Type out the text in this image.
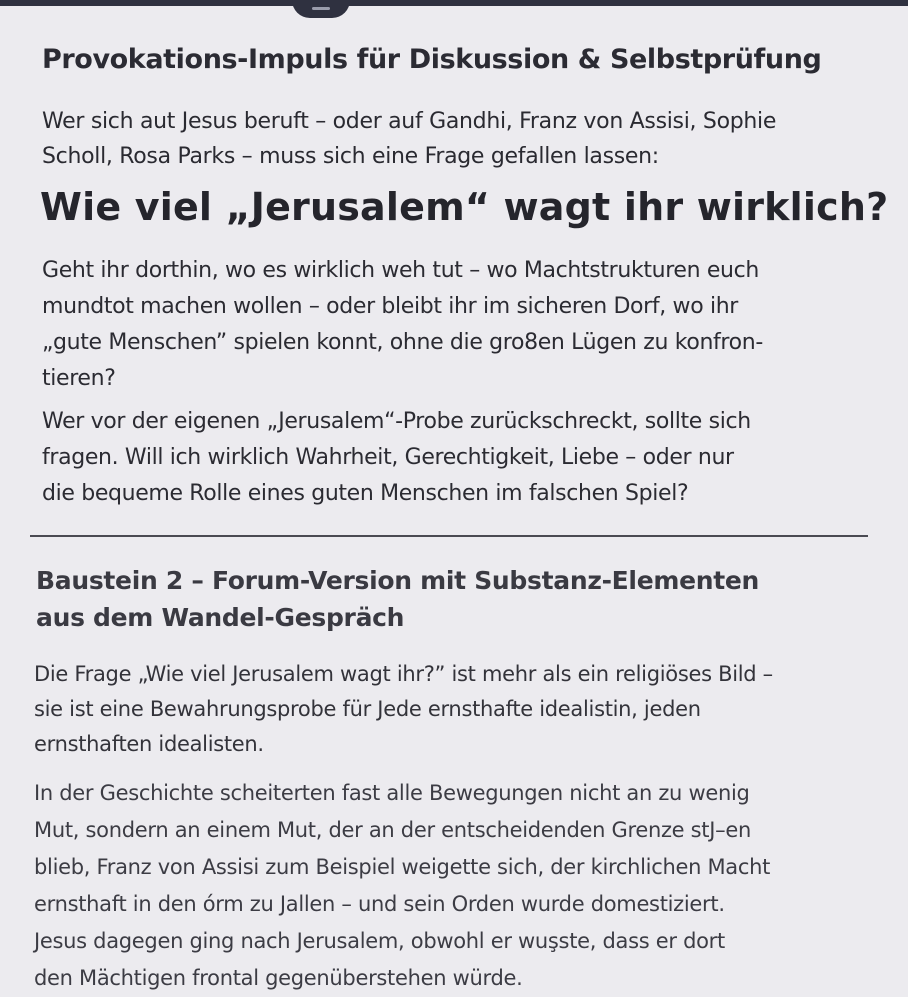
Provokations-Impuls für Diskussion & Selbstprüfung
Wer sich aut Jesus beruft – oder auf Gandhi, Franz von Assisi, Sophie
Scholl, Rosa Parks – muss sich eine Frage gefallen lassen:
Wie viel „Jerusalem“ wagt ihr wirklich?
Geht ihr dorthin, wo es wirklich weh tut – wo Machtstrukturen euch
mundtot machen wollen – oder bleibt ihr im sicheren Dorf, wo ihr
„gute Menschen” spielen konnt, ohne die gro8en Lügen zu konfron-
tieren?
Wer vor der eigenen „Jerusalem“-Probe zurückschreckt, sollte sich
fragen. Will ich wirklich Wahrheit, Gerechtigkeit, Liebe – oder nur
die bequeme Rolle eines guten Menschen im falschen Spiel?
Baustein 2 – Forum-Version mit Substanz-Elementen
aus dem Wandel-Gespräch
Die Frage „Wie viel Jerusalem wagt ihr?” ist mehr als ein religiöses Bild –
sie ist eine Bewahrungsprobe für Jede ernsthafte idealistin, jeden
ernsthaften idealisten.
In der Geschichte scheiterten fast alle Bewegungen nicht an zu wenig
Mut, sondern an einem Mut, der an der entscheidenden Grenze stJ–en
blieb, Franz von Assisi zum Beispiel weigette sich, der kirchlichen Macht
ernsthaft in den órm zu Jallen – und sein Orden wurde domestiziert.
Jesus dagegen ging nach Jerusalem, obwohl er wuşste, dass er dort
den Mächtigen frontal gegenüberstehen würde.
